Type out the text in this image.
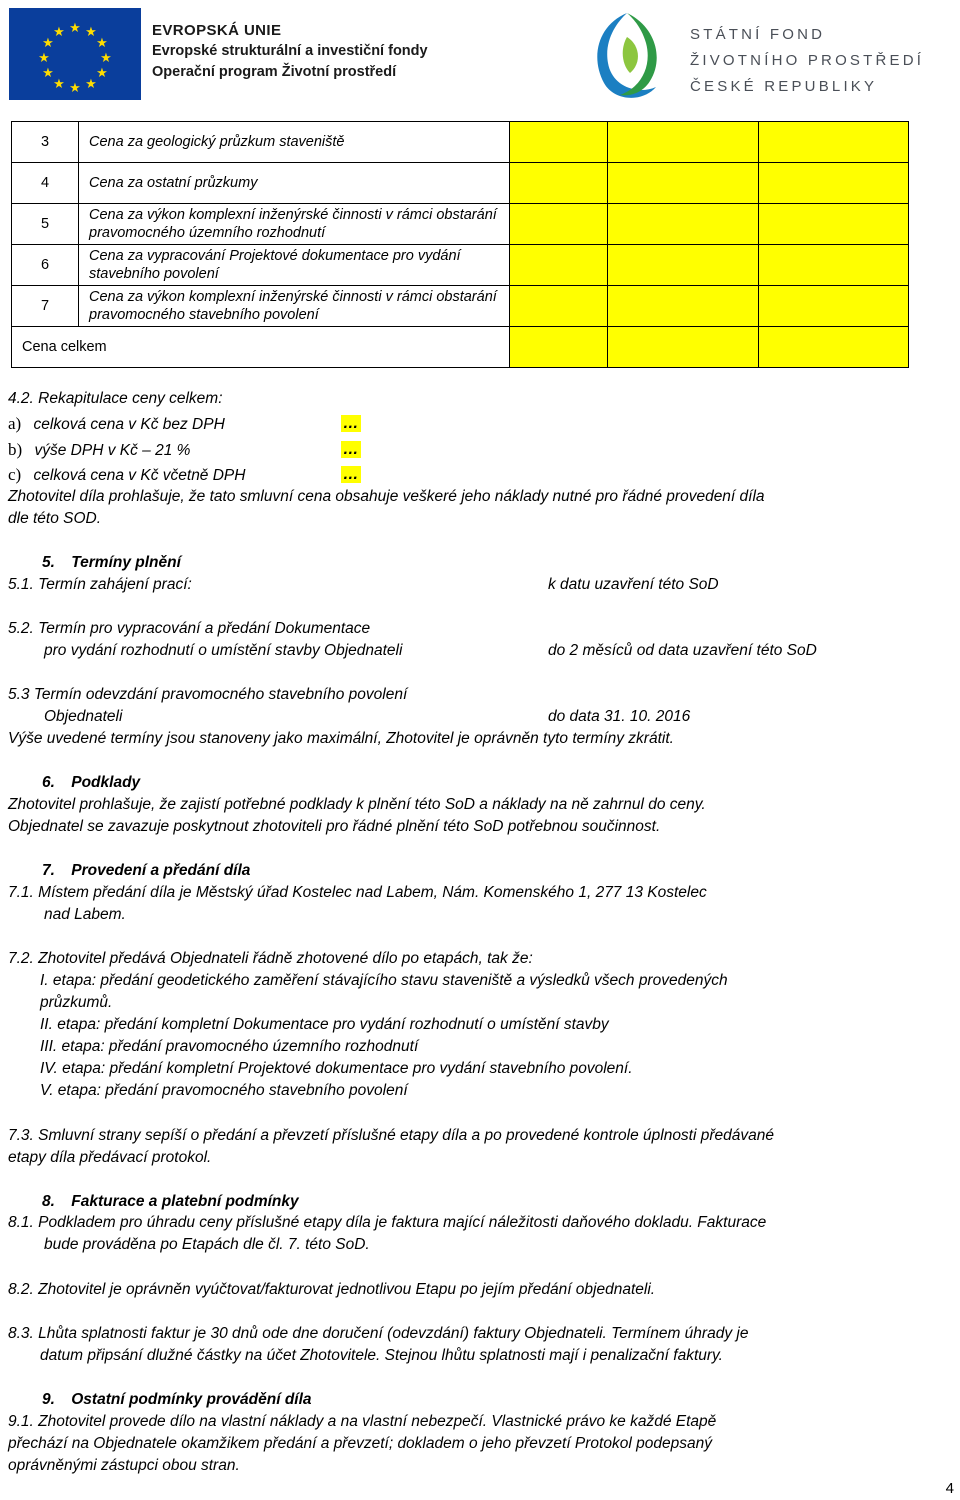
★ ★
★
★
★
★
★
★
★
★
★
★	EVROPSKÁ UNIE
Evropské strukturální a investiční fondy
Operační program Životní prostředí
STÁTNÍ FOND
ŽIVOTNÍHO PROSTŘEDÍ
ČESKÉ REPUBLIKY
3	Cena za geologický průzkum staveniště			
4	Cena za ostatní průzkumy			
5	Cena za výkon komplexní inženýrské činnosti v rámci obstarání pravomocného územního rozhodnutí			
6	Cena za vypracování Projektové dokumentace pro vydání stavebního povolení			
7	Cena za výkon komplexní inženýrské činnosti v rámci obstarání pravomocného stavebního povolení			
Cena celkem				
4.2. Rekapitulace ceny celkem:
a) celková cena v Kč bez DPH	…
b) výše DPH v Kč – 21 %	…
c) celková cena v Kč včetně DPH	…
Zhotovitel díla prohlašuje, že tato smluvní cena obsahuje veškeré jeho náklady nutné pro řádné provedení díla
dle této SOD.
5. Termíny plnění
5.1. Termín zahájení prací:	k datu uzavření této SoD
5.2. Termín pro vypracování a předání Dokumentace
pro vydání rozhodnutí o umístění stavby Objednateli	do 2 měsíců od data uzavření této SoD
5.3 Termín odevzdání pravomocného stavebního povolení
Objednateli	do data 31. 10. 2016
Výše uvedené termíny jsou stanoveny jako maximální, Zhotovitel je oprávněn tyto termíny zkrátit.
6. Podklady
Zhotovitel prohlašuje, že zajistí potřebné podklady k plnění této SoD a náklady na ně zahrnul do ceny.
Objednatel se zavazuje poskytnout zhotoviteli pro řádné plnění této SoD potřebnou součinnost.
7. Provedení a předání díla
7.1. Místem předání díla je Městský úřad Kostelec nad Labem, Nám. Komenského 1, 277 13 Kostelec
nad Labem.
7.2. Zhotovitel předává Objednateli řádně zhotovené dílo po etapách, tak že:
I. etapa: předání geodetického zaměření stávajícího stavu staveniště a výsledků všech provedených
průzkumů.
II. etapa: předání kompletní Dokumentace pro vydání rozhodnutí o umístění stavby
III. etapa: předání pravomocného územního rozhodnutí
IV. etapa: předání kompletní Projektové dokumentace pro vydání stavebního povolení.
V. etapa: předání pravomocného stavebního povolení
7.3. Smluvní strany sepíší o předání a převzetí příslušné etapy díla a po provedené kontrole úplnosti předávané
etapy díla předávací protokol.
8. Fakturace a platební podmínky
8.1. Podkladem pro úhradu ceny příslušné etapy díla je faktura mající náležitosti daňového dokladu. Fakturace
bude prováděna po Etapách dle čl. 7. této SoD.
8.2. Zhotovitel je oprávněn vyúčtovat/fakturovat jednotlivou Etapu po jejím předání objednateli.
8.3. Lhůta splatnosti faktur je 30 dnů ode dne doručení (odevzdání) faktury Objednateli. Termínem úhrady je
datum připsání dlužné částky na účet Zhotovitele. Stejnou lhůtu splatnosti mají i penalizační faktury.
9. Ostatní podmínky provádění díla
9.1. Zhotovitel provede dílo na vlastní náklady a na vlastní nebezpečí. Vlastnické právo ke každé Etapě
přechází na Objednatele okamžikem předání a převzetí; dokladem o jeho převzetí Protokol podepsaný
oprávněnými zástupci obou stran.
4
